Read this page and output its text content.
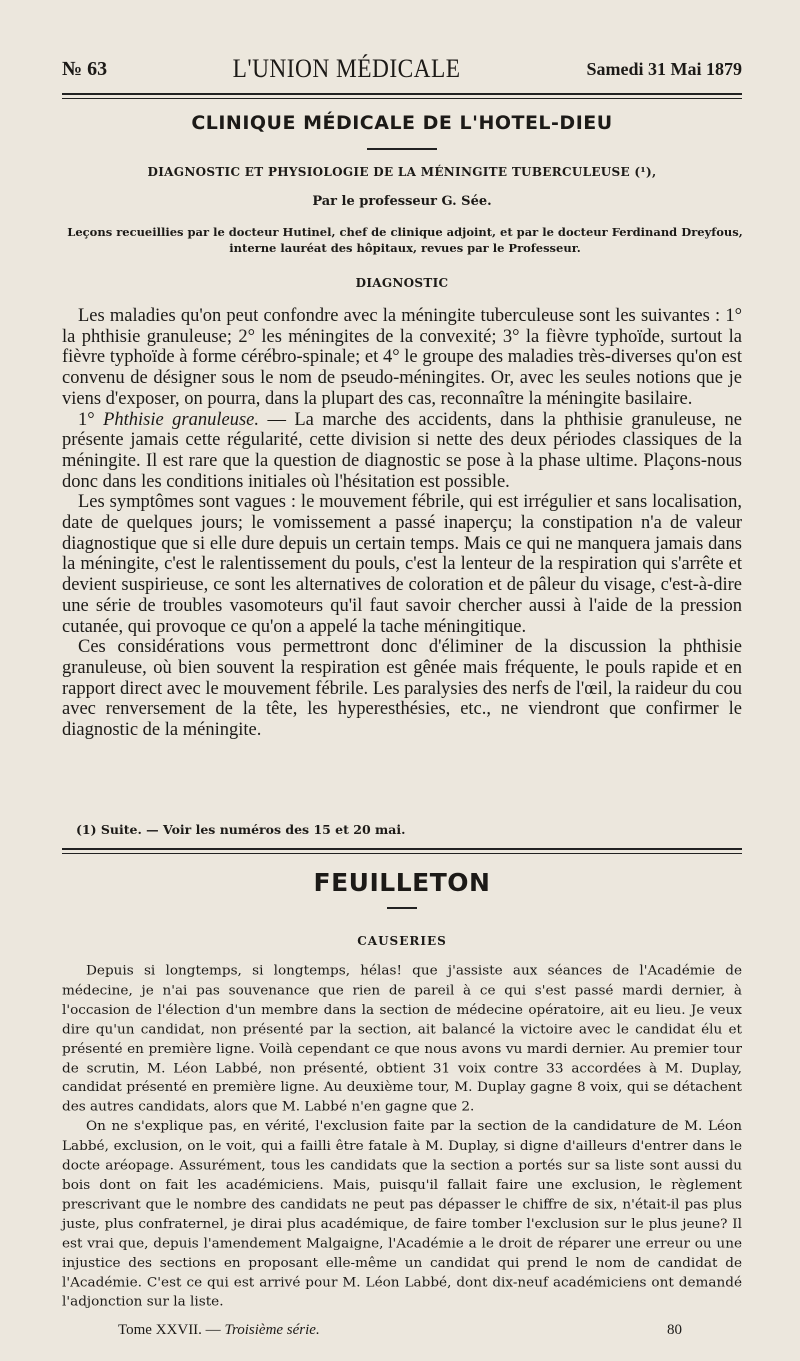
№ 63	L'UNION MÉDICALE	Samedi 31 Mai 1879
CLINIQUE MÉDICALE DE L'HOTEL-DIEU
DIAGNOSTIC ET PHYSIOLOGIE DE LA MÉNINGITE TUBERCULEUSE (¹),
Par le professeur G. Sée.
Leçons recueillies par le docteur Hutinel, chef de clinique adjoint, et par le docteur Ferdinand Dreyfous, interne lauréat des hôpitaux, revues par le Professeur.
DIAGNOSTIC

Les maladies qu'on peut confondre avec la méningite tuberculeuse sont les suivantes : 1° la phthisie granuleuse; 2° les méningites de la convexité; 3° la fièvre typhoïde, surtout la fièvre typhoïde à forme cérébro-spinale; et 4° le groupe des maladies très-diverses qu'on est convenu de désigner sous le nom de pseudo-méningites. Or, avec les seules notions que je viens d'exposer, on pourra, dans la plupart des cas, reconnaître la méningite basilaire.

1° Phthisie granuleuse. — La marche des accidents, dans la phthisie granuleuse, ne présente jamais cette régularité, cette division si nette des deux périodes classiques de la méningite. Il est rare que la question de diagnostic se pose à la phase ultime. Plaçons-nous donc dans les conditions initiales où l'hésitation est possible.

Les symptômes sont vagues : le mouvement fébrile, qui est irrégulier et sans localisation, date de quelques jours; le vomissement a passé inaperçu; la constipation n'a de valeur diagnostique que si elle dure depuis un certain temps. Mais ce qui ne manquera jamais dans la méningite, c'est le ralentissement du pouls, c'est la lenteur de la respiration qui s'arrête et devient suspirieuse, ce sont les alternatives de coloration et de pâleur du visage, c'est-à-dire une série de troubles vasomoteurs qu'il faut savoir chercher aussi à l'aide de la pression cutanée, qui provoque ce qu'on a appelé la tache méningitique.

Ces considérations vous permettront donc d'éliminer de la discussion la phthisie granuleuse, où bien souvent la respiration est gênée mais fréquente, le pouls rapide et en rapport direct avec le mouvement fébrile. Les paralysies des nerfs de l'œil, la raideur du cou avec renversement de la tête, les hyperesthésies, etc., ne viendront que confirmer le diagnostic de la méningite.

(1) Suite. — Voir les numéros des 15 et 20 mai.
FEUILLETON
CAUSERIES

Depuis si longtemps, si longtemps, hélas! que j'assiste aux séances de l'Académie de médecine, je n'ai pas souvenance que rien de pareil à ce qui s'est passé mardi dernier, à l'occasion de l'élection d'un membre dans la section de médecine opératoire, ait eu lieu. Je veux dire qu'un candidat, non présenté par la section, ait balancé la victoire avec le candidat élu et présenté en première ligne. Voilà cependant ce que nous avons vu mardi dernier. Au premier tour de scrutin, M. Léon Labbé, non présenté, obtient 31 voix contre 33 accordées à M. Duplay, candidat présenté en première ligne. Au deuxième tour, M. Duplay gagne 8 voix, qui se détachent des autres candidats, alors que M. Labbé n'en gagne que 2.

On ne s'explique pas, en vérité, l'exclusion faite par la section de la candidature de M. Léon Labbé, exclusion, on le voit, qui a failli être fatale à M. Duplay, si digne d'ailleurs d'entrer dans le docte aréopage. Assurément, tous les candidats que la section a portés sur sa liste sont aussi du bois dont on fait les académiciens. Mais, puisqu'il fallait faire une exclusion, le règlement prescrivant que le nombre des candidats ne peut pas dépasser le chiffre de six, n'était-il pas plus juste, plus confraternel, je dirai plus académique, de faire tomber l'exclusion sur le plus jeune? Il est vrai que, depuis l'amendement Malgaigne, l'Académie a le droit de réparer une erreur ou une injustice des sections en proposant elle-même un candidat qui prend le nom de candidat de l'Académie. C'est ce qui est arrivé pour M. Léon Labbé, dont dix-neuf académiciens ont demandé l'adjonction sur la liste.

Tome XXVII. — Troisième série.	80
